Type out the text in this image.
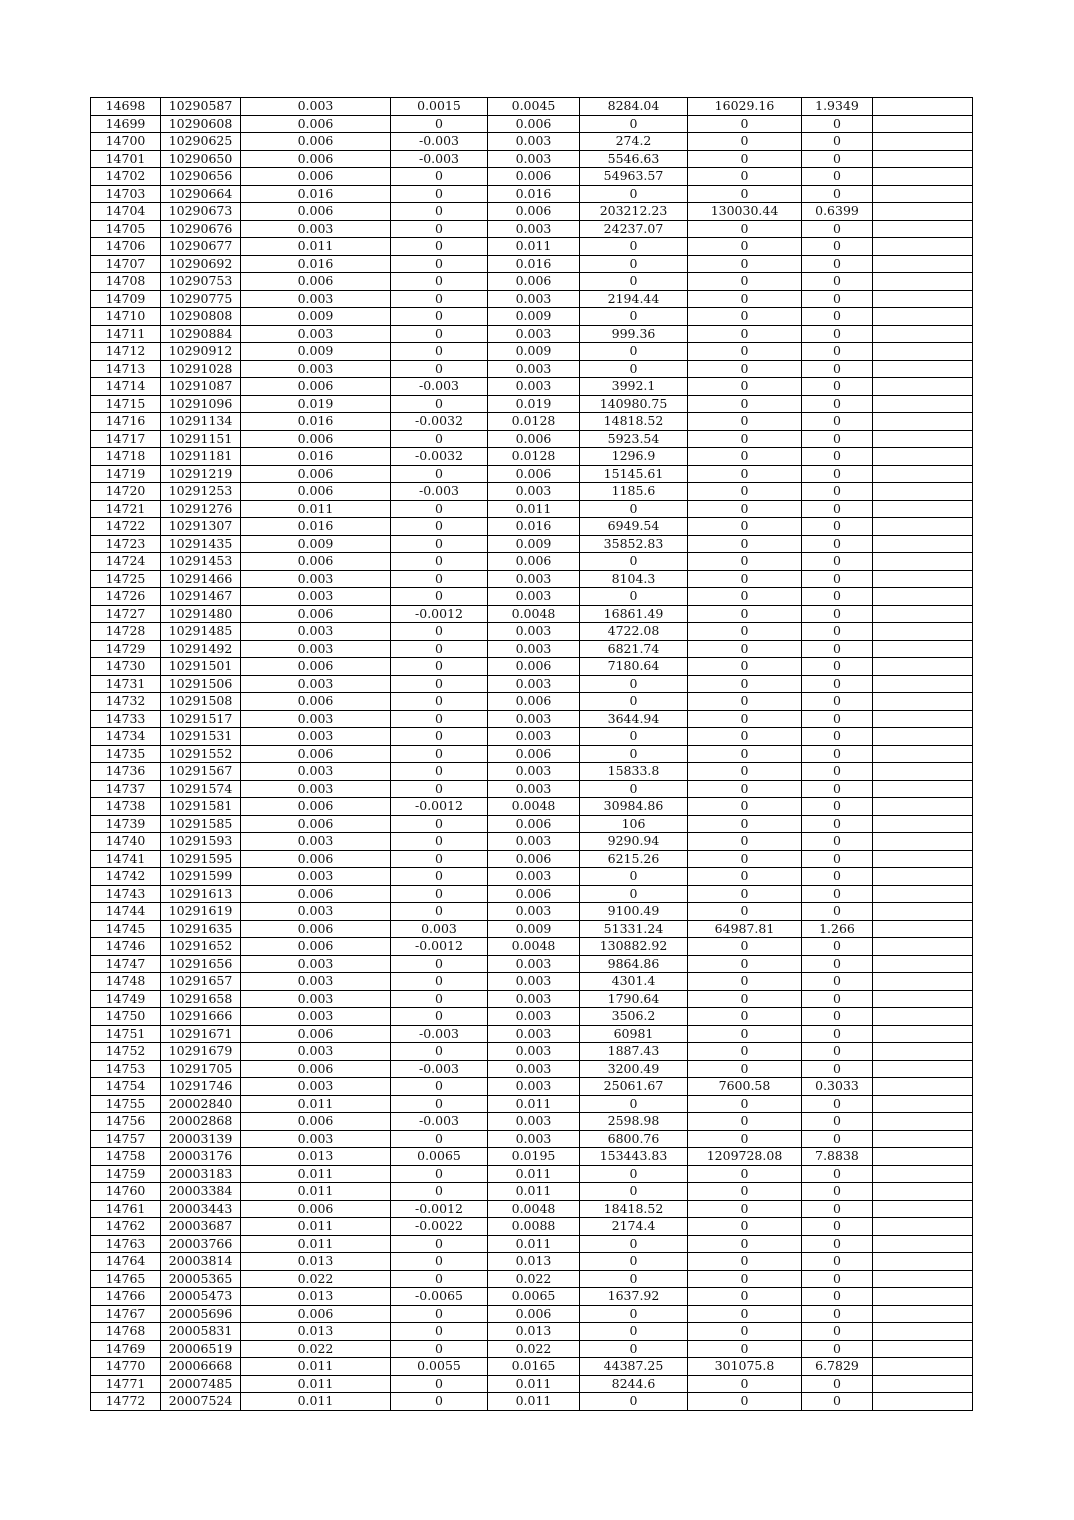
14698	10290587	0.003	0.0015	0.0045	8284.04	16029.16	1.9349	
14699	10290608	0.006	0	0.006	0	0	0	
14700	10290625	0.006	-0.003	0.003	274.2	0	0	
14701	10290650	0.006	-0.003	0.003	5546.63	0	0	
14702	10290656	0.006	0	0.006	54963.57	0	0	
14703	10290664	0.016	0	0.016	0	0	0	
14704	10290673	0.006	0	0.006	203212.23	130030.44	0.6399	
14705	10290676	0.003	0	0.003	24237.07	0	0	
14706	10290677	0.011	0	0.011	0	0	0	
14707	10290692	0.016	0	0.016	0	0	0	
14708	10290753	0.006	0	0.006	0	0	0	
14709	10290775	0.003	0	0.003	2194.44	0	0	
14710	10290808	0.009	0	0.009	0	0	0	
14711	10290884	0.003	0	0.003	999.36	0	0	
14712	10290912	0.009	0	0.009	0	0	0	
14713	10291028	0.003	0	0.003	0	0	0	
14714	10291087	0.006	-0.003	0.003	3992.1	0	0	
14715	10291096	0.019	0	0.019	140980.75	0	0	
14716	10291134	0.016	-0.0032	0.0128	14818.52	0	0	
14717	10291151	0.006	0	0.006	5923.54	0	0	
14718	10291181	0.016	-0.0032	0.0128	1296.9	0	0	
14719	10291219	0.006	0	0.006	15145.61	0	0	
14720	10291253	0.006	-0.003	0.003	1185.6	0	0	
14721	10291276	0.011	0	0.011	0	0	0	
14722	10291307	0.016	0	0.016	6949.54	0	0	
14723	10291435	0.009	0	0.009	35852.83	0	0	
14724	10291453	0.006	0	0.006	0	0	0	
14725	10291466	0.003	0	0.003	8104.3	0	0	
14726	10291467	0.003	0	0.003	0	0	0	
14727	10291480	0.006	-0.0012	0.0048	16861.49	0	0	
14728	10291485	0.003	0	0.003	4722.08	0	0	
14729	10291492	0.003	0	0.003	6821.74	0	0	
14730	10291501	0.006	0	0.006	7180.64	0	0	
14731	10291506	0.003	0	0.003	0	0	0	
14732	10291508	0.006	0	0.006	0	0	0	
14733	10291517	0.003	0	0.003	3644.94	0	0	
14734	10291531	0.003	0	0.003	0	0	0	
14735	10291552	0.006	0	0.006	0	0	0	
14736	10291567	0.003	0	0.003	15833.8	0	0	
14737	10291574	0.003	0	0.003	0	0	0	
14738	10291581	0.006	-0.0012	0.0048	30984.86	0	0	
14739	10291585	0.006	0	0.006	106	0	0	
14740	10291593	0.003	0	0.003	9290.94	0	0	
14741	10291595	0.006	0	0.006	6215.26	0	0	
14742	10291599	0.003	0	0.003	0	0	0	
14743	10291613	0.006	0	0.006	0	0	0	
14744	10291619	0.003	0	0.003	9100.49	0	0	
14745	10291635	0.006	0.003	0.009	51331.24	64987.81	1.266	
14746	10291652	0.006	-0.0012	0.0048	130882.92	0	0	
14747	10291656	0.003	0	0.003	9864.86	0	0	
14748	10291657	0.003	0	0.003	4301.4	0	0	
14749	10291658	0.003	0	0.003	1790.64	0	0	
14750	10291666	0.003	0	0.003	3506.2	0	0	
14751	10291671	0.006	-0.003	0.003	60981	0	0	
14752	10291679	0.003	0	0.003	1887.43	0	0	
14753	10291705	0.006	-0.003	0.003	3200.49	0	0	
14754	10291746	0.003	0	0.003	25061.67	7600.58	0.3033	
14755	20002840	0.011	0	0.011	0	0	0	
14756	20002868	0.006	-0.003	0.003	2598.98	0	0	
14757	20003139	0.003	0	0.003	6800.76	0	0	
14758	20003176	0.013	0.0065	0.0195	153443.83	1209728.08	7.8838	
14759	20003183	0.011	0	0.011	0	0	0	
14760	20003384	0.011	0	0.011	0	0	0	
14761	20003443	0.006	-0.0012	0.0048	18418.52	0	0	
14762	20003687	0.011	-0.0022	0.0088	2174.4	0	0	
14763	20003766	0.011	0	0.011	0	0	0	
14764	20003814	0.013	0	0.013	0	0	0	
14765	20005365	0.022	0	0.022	0	0	0	
14766	20005473	0.013	-0.0065	0.0065	1637.92	0	0	
14767	20005696	0.006	0	0.006	0	0	0	
14768	20005831	0.013	0	0.013	0	0	0	
14769	20006519	0.022	0	0.022	0	0	0	
14770	20006668	0.011	0.0055	0.0165	44387.25	301075.8	6.7829	
14771	20007485	0.011	0	0.011	8244.6	0	0	
14772	20007524	0.011	0	0.011	0	0	0	
